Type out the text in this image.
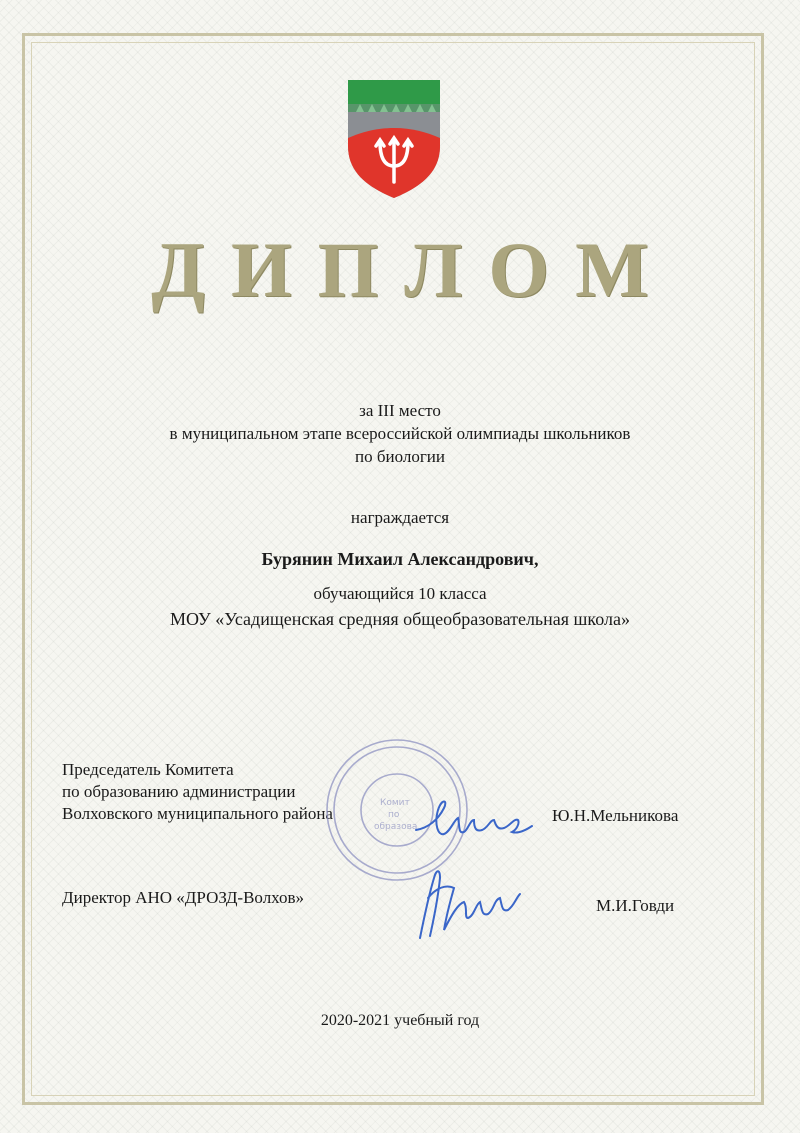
ДИПЛОМ
за III место
в муниципальном этапе всероссийской олимпиады школьников
по биологии
награждается
Бурянин Михаил Александрович,
обучающийся 10 класса
МОУ «Усадищенская средняя общеобразовательная школа»
Председатель Комитета
по образованию администрации
Волховского муниципального района
Комит
по
образова
Ю.Н.Мельникова
Директор АНО «ДРОЗД-Волхов»	М.И.Говди
2020-2021 учебный год
